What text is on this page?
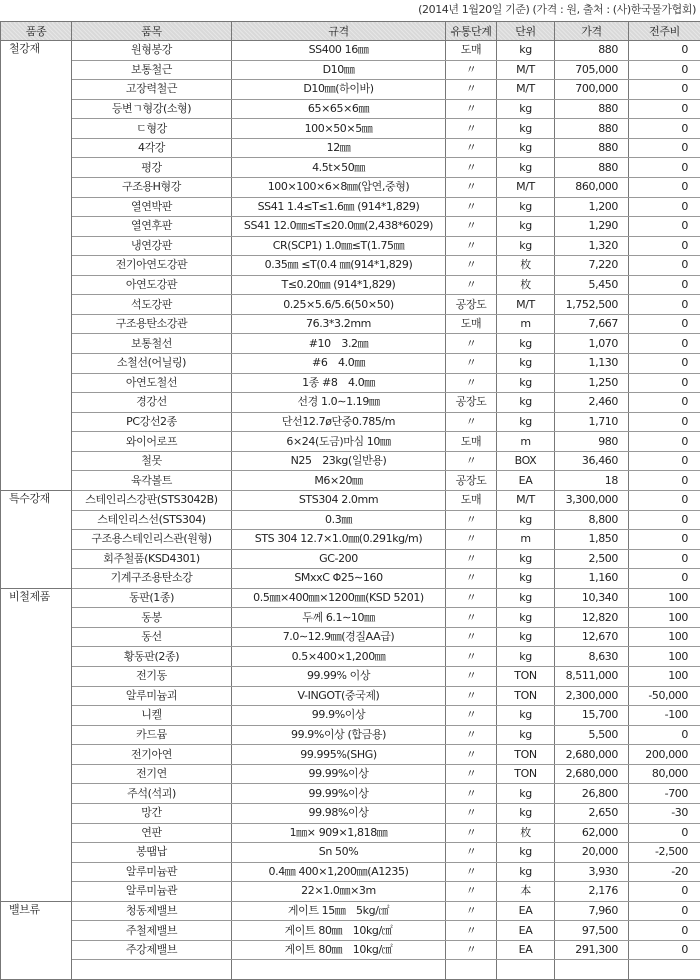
(2014년 1월20일 기준) (가격 : 원, 출처 : (사)한국물가협회)
품종	품목	규격	유통단계	단위	가격	전주비
철강재	원형봉강	SS400 16㎜	도매	kg	880	0
	보통철근	D10㎜	〃	M/T	705,000	0
	고장력철근	D10㎜(하이바)	〃	M/T	700,000	0
	등변ㄱ형강(소형)	65×65×6㎜	〃	kg	880	0
	ㄷ형강	100×50×5㎜	〃	kg	880	0
	4각강	12㎜	〃	kg	880	0
	평강	4.5t×50㎜	〃	kg	880	0
	구조용H형강	100×100×6×8㎜(압연,중형)	〃	M/T	860,000	0
	열연박판	SS41 1.4≤T≤1.6㎜ (914*1,829)	〃	kg	1,200	0
	열연후판	SS41 12.0㎜≤T≤20.0㎜(2,438*6029)	〃	kg	1,290	0
	냉연강판	CR(SCP1) 1.0㎜≤T(1.75㎜	〃	kg	1,320	0
	전기아연도강판	0.35㎜ ≤T(0.4 ㎜(914*1,829)	〃	枚	7,220	0
	아연도강판	T≤0.20㎜ (914*1,829)	〃	枚	5,450	0
	석도강판	0.25×5.6/5.6(50×50)	공장도	M/T	1,752,500	0
	구조용탄소강관	76.3*3.2mm	도매	m	7,667	0
	보통철선	#10　3.2㎜	〃	kg	1,070	0
	소철선(어닐링)	#6　4.0㎜	〃	kg	1,130	0
	아연도철선	1종 #8　4.0㎜	〃	kg	1,250	0
	경강선	선경 1.0∼1.19㎜	공장도	kg	2,460	0
	PC강선2종	단선12.7ø단중0.785/m	〃	kg	1,710	0
	와이어로프	6×24(도금)마심 10㎜	도매	m	980	0
	철못	N25　23kg(일반용)	〃	BOX	36,460	0
	육각볼트	M6×20㎜	공장도	EA	18	0
특수강재	스테인리스강판(STS3042B)	STS304 2.0mm	도매	M/T	3,300,000	0
	스테인리스선(STS304)	0.3㎜	〃	kg	8,800	0
	구조용스테인리스관(원형)	STS 304 12.7×1.0㎜(0.291kg/m)	〃	m	1,850	0
	회주철품(KSD4301)	GC-200	〃	kg	2,500	0
	기계구조용탄소강	SMxxC Φ25∼160	〃	kg	1,160	0
비철제품	동판(1종)	0.5㎜×400㎜×1200㎜(KSD 5201)	〃	kg	10,340	100
	동봉	두께 6.1∼10㎜	〃	kg	12,820	100
	동선	7.0∼12.9㎜(경질AA급)	〃	kg	12,670	100
	황동판(2종)	0.5×400×1,200㎜	〃	kg	8,630	100
	전기동	99.99% 이상	〃	TON	8,511,000	100
	알루미늄괴	V-INGOT(중국제)	〃	TON	2,300,000	-50,000
	니켈	99.9%이상	〃	kg	15,700	-100
	카드뮴	99.9%이상 (합금용)	〃	kg	5,500	0
	전기아연	99.995%(SHG)	〃	TON	2,680,000	200,000
	전기연	99.99%이상	〃	TON	2,680,000	80,000
	주석(석괴)	99.99%이상	〃	kg	26,800	-700
	망간	99.98%이상	〃	kg	2,650	-30
	연판	1㎜× 909×1,818㎜	〃	枚	62,000	0
	봉땜납	Sn 50%	〃	kg	20,000	-2,500
	알루미늄판	0.4㎜ 400×1,200㎜(A1235)	〃	kg	3,930	-20
	알루미늄관	22×1.0㎜×3m	〃	本	2,176	0
밸브류	청동제밸브	게이트 15㎜　5kg/㎠	〃	EA	7,960	0
	주철제밸브	게이트 80㎜　10kg/㎠	〃	EA	97,500	0
	주강제밸브	게이트 80㎜　10kg/㎠	〃	EA	291,300	0
